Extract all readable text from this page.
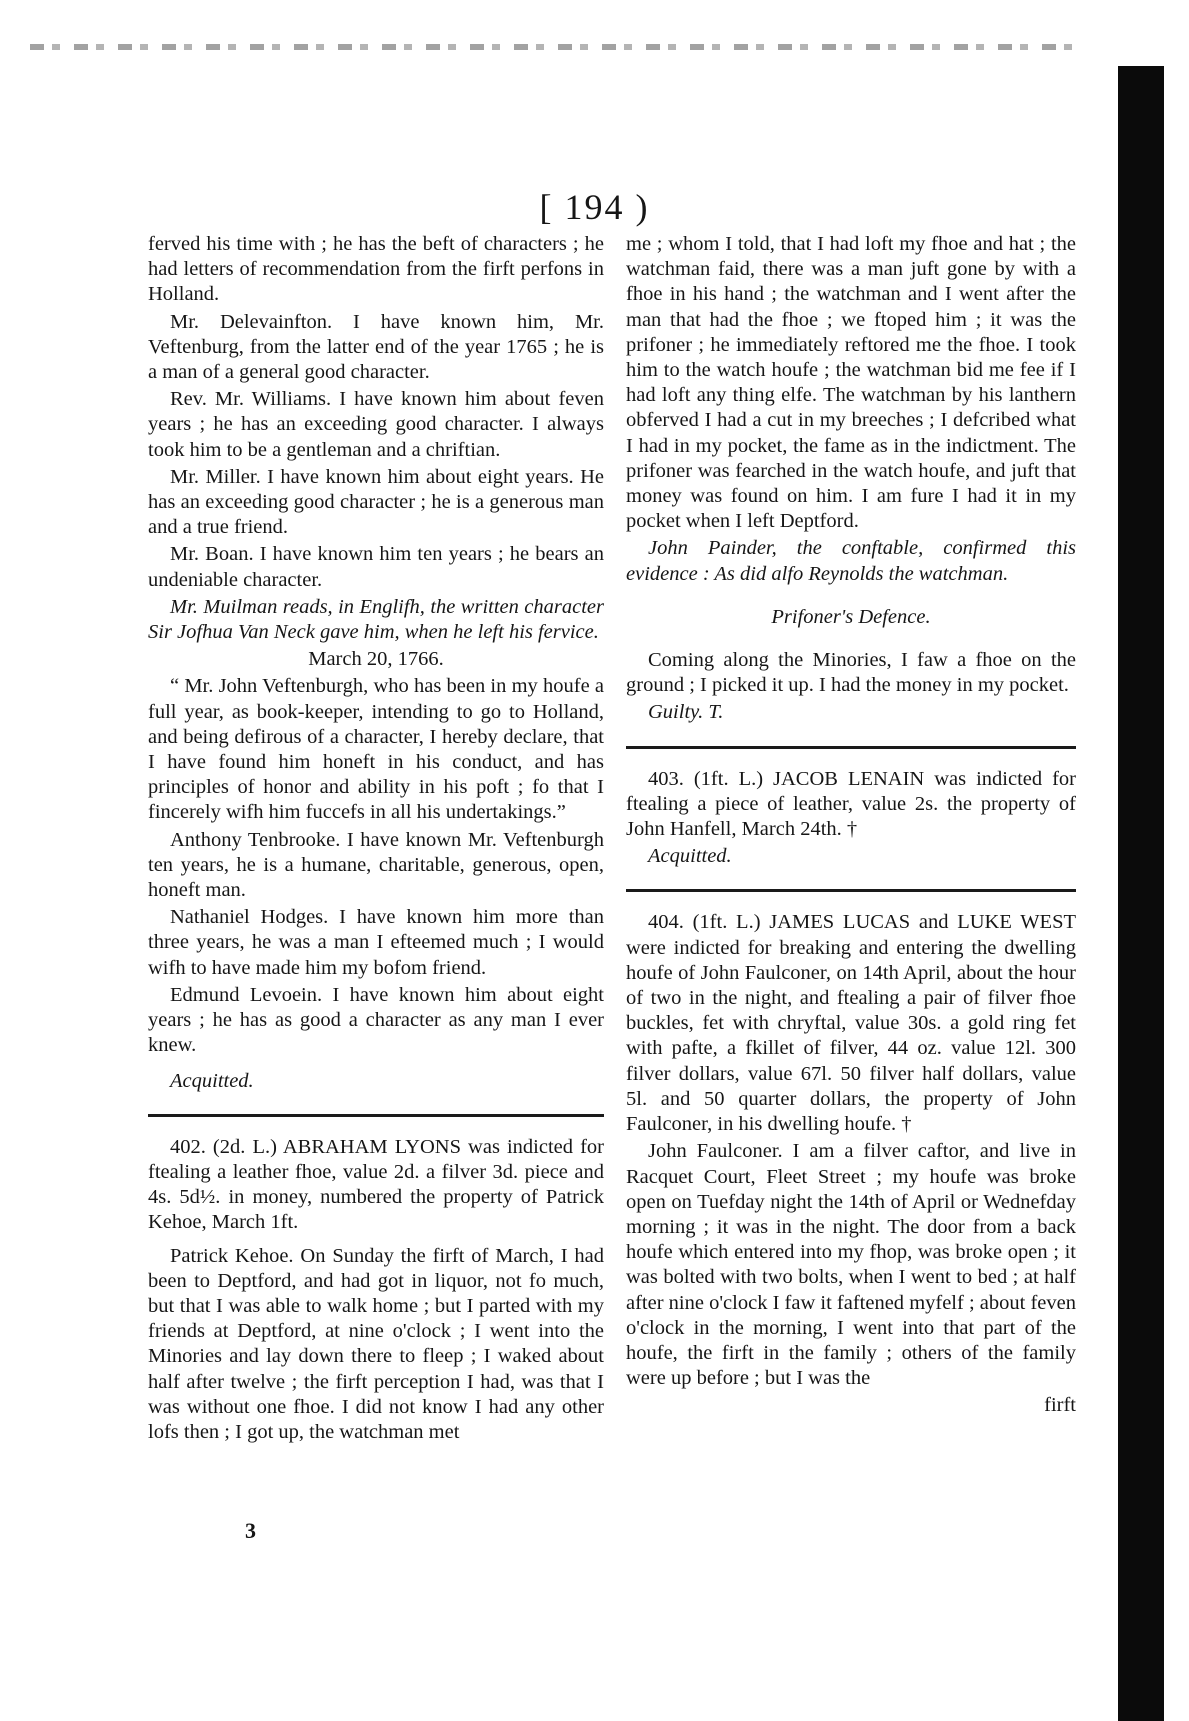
[ 194 )

ferved his time with ; he has the beft of characters ; he had letters of recommendation from the firft perfons in Holland.

Mr. Delevainfton. I have known him, Mr. Veftenburg, from the latter end of the year 1765 ; he is a man of a general good character.

Rev. Mr. Williams. I have known him about feven years ; he has an exceeding good character. I always took him to be a gentleman and a chriftian.

Mr. Miller. I have known him about eight years. He has an exceeding good character ; he is a generous man and a true friend.

Mr. Boan. I have known him ten years ; he bears an undeniable character.

Mr. Muilman reads, in Englifh, the written character Sir Jofhua Van Neck gave him, when he left his fervice.

March 20, 1766.

“ Mr. John Veftenburgh, who has been in my houfe a full year, as book-keeper, intending to go to Holland, and being defirous of a character, I hereby declare, that I have found him honeft in his conduct, and has principles of honor and ability in his poft ; fo that I fincerely wifh him fuccefs in all his undertakings.”

Anthony Tenbrooke. I have known Mr. Veftenburgh ten years, he is a humane, charitable, generous, open, honeft man.

Nathaniel Hodges. I have known him more than three years, he was a man I efteemed much ; I would wifh to have made him my bofom friend.

Edmund Levoein. I have known him about eight years ; he has as good a character as any man I ever knew.

Acquitted.

402. (2d. L.) ABRAHAM LYONS was indicted for ftealing a leather fhoe, value 2d. a filver 3d. piece and 4s. 5d½. in money, numbered the property of Patrick Kehoe, March 1ft.

Patrick Kehoe. On Sunday the firft of March, I had been to Deptford, and had got in liquor, not fo much, but that I was able to walk home ; but I parted with my friends at Deptford, at nine o'clock ; I went into the Minories and lay down there to fleep ; I waked about half after twelve ; the firft perception I had, was that I was without one fhoe. I did not know I had any other lofs then ; I got up, the watchman met

3

me ; whom I told, that I had loft my fhoe and hat ; the watchman faid, there was a man juft gone by with a fhoe in his hand ; the watchman and I went after the man that had the fhoe ; we ftoped him ; it was the prifoner ; he immediately reftored me the fhoe. I took him to the watch houfe ; the watchman bid me fee if I had loft any thing elfe. The watchman by his lanthern obferved I had a cut in my breeches ; I defcribed what I had in my pocket, the fame as in the indictment. The prifoner was fearched in the watch houfe, and juft that money was found on him. I am fure I had it in my pocket when I left Deptford.

John Painder, the conftable, confirmed this evidence : As did alfo Reynolds the watchman.

Prifoner's Defence.

Coming along the Minories, I faw a fhoe on the ground ; I picked it up. I had the money in my pocket.

Guilty. T.

403. (1ft. L.) JACOB LENAIN was indicted for ftealing a piece of leather, value 2s. the property of John Hanfell, March 24th. †

Acquitted.

404. (1ft. L.) JAMES LUCAS and LUKE WEST were indicted for breaking and entering the dwelling houfe of John Faulconer, on 14th April, about the hour of two in the night, and ftealing a pair of filver fhoe buckles, fet with chryftal, value 30s. a gold ring fet with pafte, a fkillet of filver, 44 oz. value 12l. 300 filver dollars, value 67l. 50 filver half dollars, value 5l. and 50 quarter dollars, the property of John Faulconer, in his dwelling houfe. †

John Faulconer. I am a filver caftor, and live in Racquet Court, Fleet Street ; my houfe was broke open on Tuefday night the 14th of April or Wednefday morning ; it was in the night. The door from a back houfe which entered into my fhop, was broke open ; it was bolted with two bolts, when I went to bed ; at half after nine o'clock I faw it faftened myfelf ; about feven o'clock in the morning, I went into that part of the houfe, the firft in the family ; others of the family were up before ; but I was the

firft
